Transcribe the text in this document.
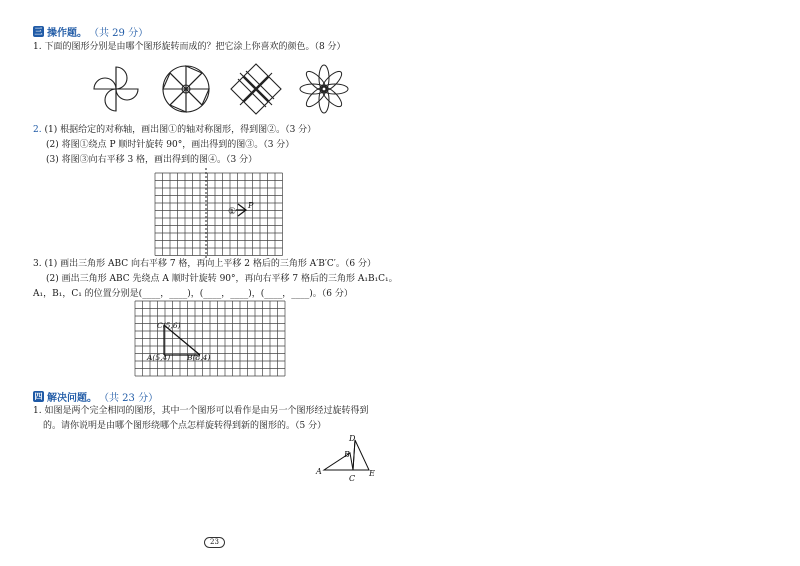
三 操作题。 （共 29 分）
1. 下面的图形分别是由哪个图形旋转而成的？把它涂上你喜欢的颜色。（8 分）
2. (1) 根据给定的对称轴，画出图①的轴对称图形，得到图②。（3 分）
(2) 将图①绕点 P 顺时针旋转 90°，画出得到的图③。（3 分）
(3) 将图③向右平移 3 格，画出得到的图④。（3 分）
①
P
3. (1) 画出三角形 ABC 向右平移 7 格，再向上平移 2 格后的三角形 A′B′C′。（6 分）
(2) 画出三角形 ABC 先绕点 A 顺时针旋转 90°，再向右平移 7 格后的三角形 A₁B₁C₁。
A₁，B₁，C₁ 的位置分别是(____，____)，(____，____)，(____，____)。（6 分）
C(5,6)
A(5,4) B(8,4)
四 解决问题。 （共 23 分）
1. 如图是两个完全相同的图形，其中一个图形可以看作是由另一个图形经过旋转得到
的。请你说明是由哪个图形绕哪个点怎样旋转得到新的图形的。（5 分）
D
B
A
C
E
23
